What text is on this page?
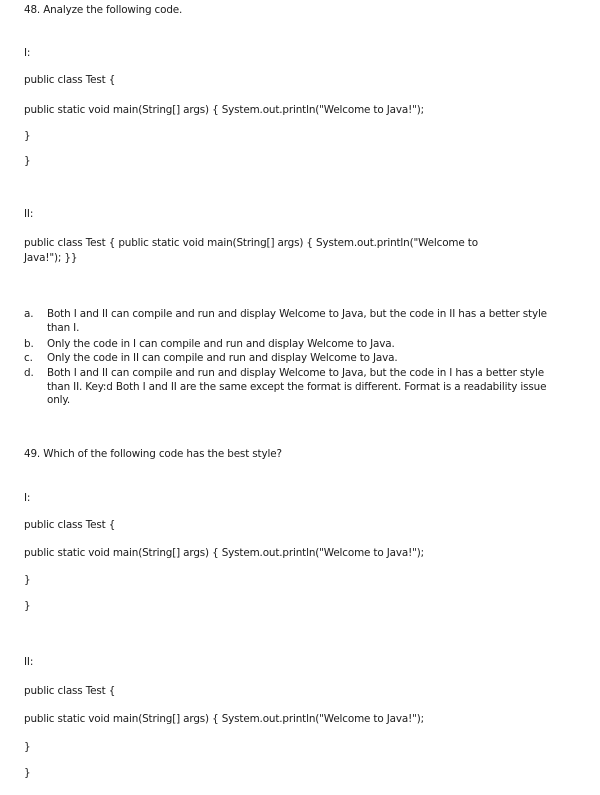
48. Analyze the following code.
I:
public class Test {
public static void main(String[] args) { System.out.println("Welcome to Java!");
}
}
II:
public class Test { public static void main(String[] args) { System.out.println("Welcome to
Java!"); }}
a. Both I and II can compile and run and display Welcome to Java, but the code in II has a better style than I.
b. Only the code in I can compile and run and display Welcome to Java.
c. Only the code in II can compile and run and display Welcome to Java.
d. Both I and II can compile and run and display Welcome to Java, but the code in I has a better style than II. Key:d Both I and II are the same except the format is different. Format is a readability issue only.
49. Which of the following code has the best style?
I:
public class Test {
public static void main(String[] args) { System.out.println("Welcome to Java!");
}
}
II:
public class Test {
public static void main(String[] args) { System.out.println("Welcome to Java!");
}
}
